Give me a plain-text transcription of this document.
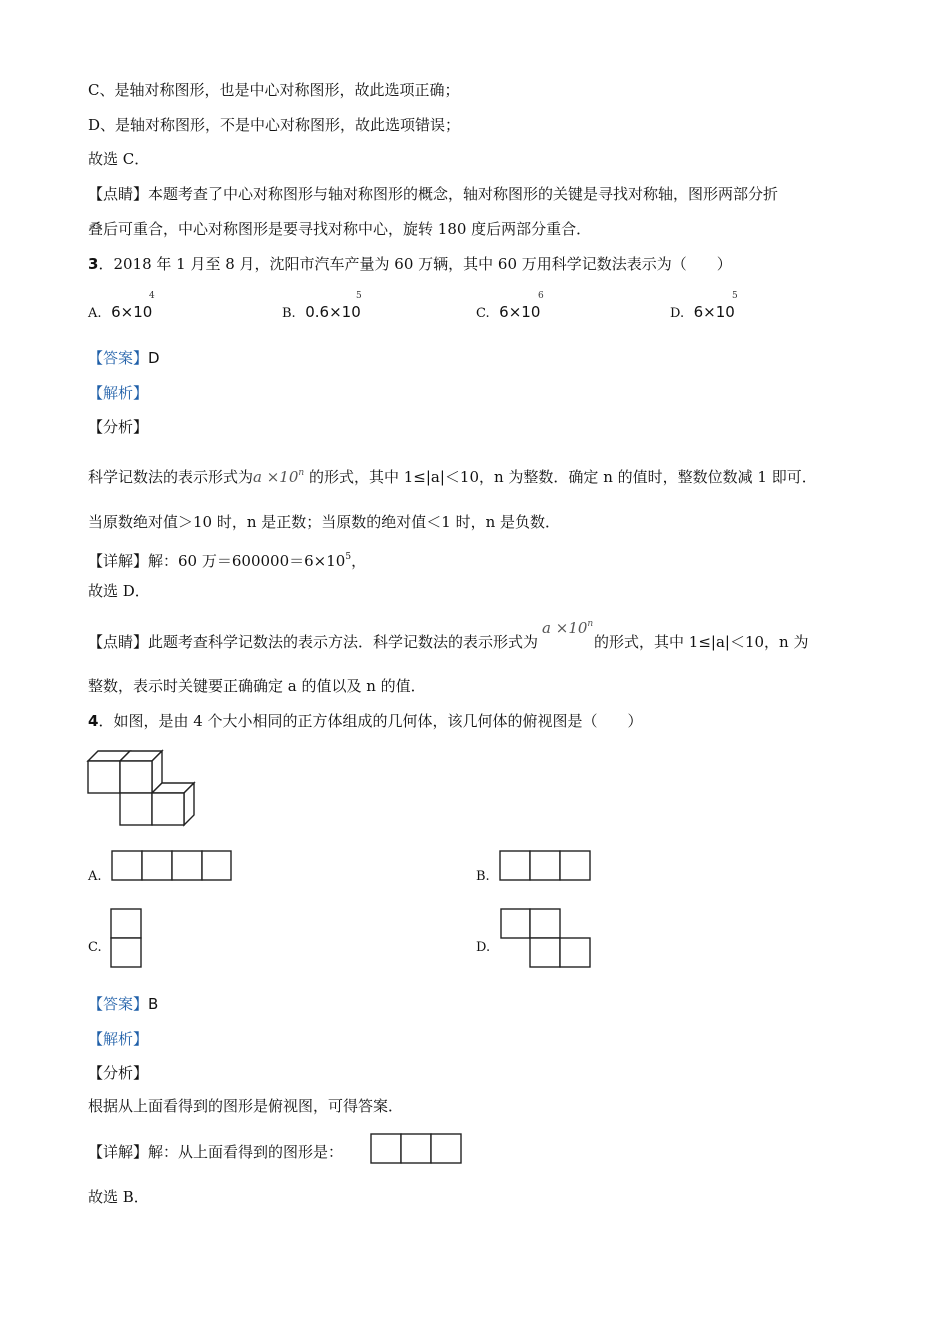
C、是轴对称图形，也是中心对称图形，故此选项正确；
D、是轴对称图形，不是中心对称图形，故此选项错误；
故选 C．
【点睛】本题考查了中心对称图形与轴对称图形的概念，轴对称图形的关键是寻找对称轴，图形两部分折
叠后可重合，中心对称图形是要寻找对称中心，旋转 180 度后两部分重合．
3．2018 年 1 月至 8 月，沈阳市汽车产量为 60 万辆，其中 60 万用科学记数法表示为（　　）
A. 6×10
4
B. 0.6×10
5
C. 6×10
6
D. 6×10
5
【答案】D
【解析】
【分析】
科学记数法的表示形式为$a \times 10^n$ 的形式，其中 1≤|a|＜10，n 为整数．确定 n 的值时，整数位数减 1 即可．
当原数绝对值＞10 时，n 是正数；当原数的绝对值＜1 时，n 是负数．
【详解】解：60 万$=600000=6\times 10^5$，
故选 D．
【点睛】此题考查科学记数法的表示方法．科学记数法的表示形式为
$a \times 10^n$
的形式，其中 1≤|a|＜10，n 为
整数，表示时关键要正确确定 a 的值以及 n 的值．
4．如图，是由 4 个大小相同的正方体组成的几何体，该几何体的俯视图是（　　）
A.	B.
C.	D.
【答案】B
【解析】
【分析】
根据从上面看得到的图形是俯视图，可得答案．
【详解】解：从上面看得到的图形是：
故选 B．
